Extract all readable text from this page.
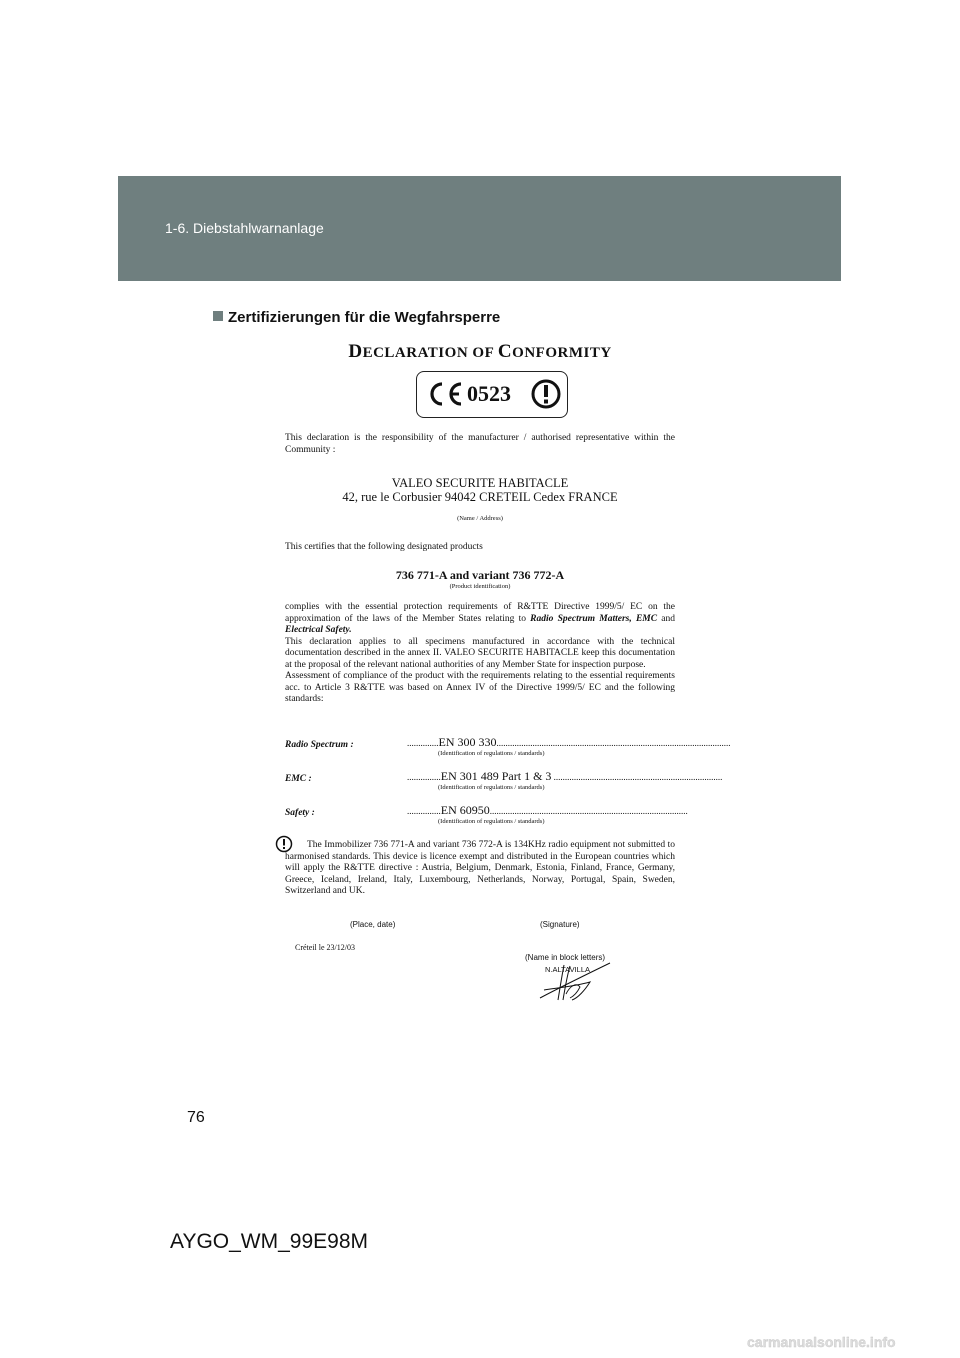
1-6. Diebstahlwarnanlage
Zertifizierungen für die Wegfahrsperre
DECLARATION OF CONFORMITY
0523
This declaration is the responsibility of the manufacturer / authorised representative within the Community :
VALEO SECURITE HABITACLE
42, rue le Corbusier 94042 CRETEIL Cedex FRANCE
(Name / Address)
This certifies that the following designated products
736 771-A and variant 736 772-A
(Product identification)
complies with the essential protection requirements of R&TTE Directive 1999/5/ EC on the approximation of the laws of the Member States relating to Radio Spectrum Matters, EMC and Electrical Safety.
This declaration applies to all specimens manufactured in accordance with the technical documentation described in the annex II. VALEO SECURITE HABITACLE keep this documentation at the proposal of the relevant national authorities of any Member State for inspection purpose.
Assessment of compliance of the product with the requirements relating to the essential requirements acc. to Article 3 R&TTE was based on Annex IV of the Directive 1999/5/ EC and the following standards:
Radio Spectrum :	..............EN 300 330........................................................................................................
(Identification of regulations / standards)
EMC :	...............EN 301 489 Part 1 & 3 ...........................................................................
(Identification of regulations / standards)
Safety :	...............EN 60950........................................................................................
(Identification of regulations / standards)
The Immobilizer 736 771-A and variant 736 772-A is 134KHz radio equipment not submitted to harmonised standards. This device is licence exempt and distributed in the European countries which will apply the R&TTE directive : Austria, Belgium, Denmark, Estonia, Finland, France, Germany, Greece, Iceland, Ireland, Italy, Luxembourg, Netherlands, Norway, Portugal, Spain, Sweden, Switzerland and UK.
(Place, date)	(Signature)
Créteil le 23/12/03
(Name in block letters)
N.ALTAVILLA
76
AYGO_WM_99E98M
carmanualsonline.info
